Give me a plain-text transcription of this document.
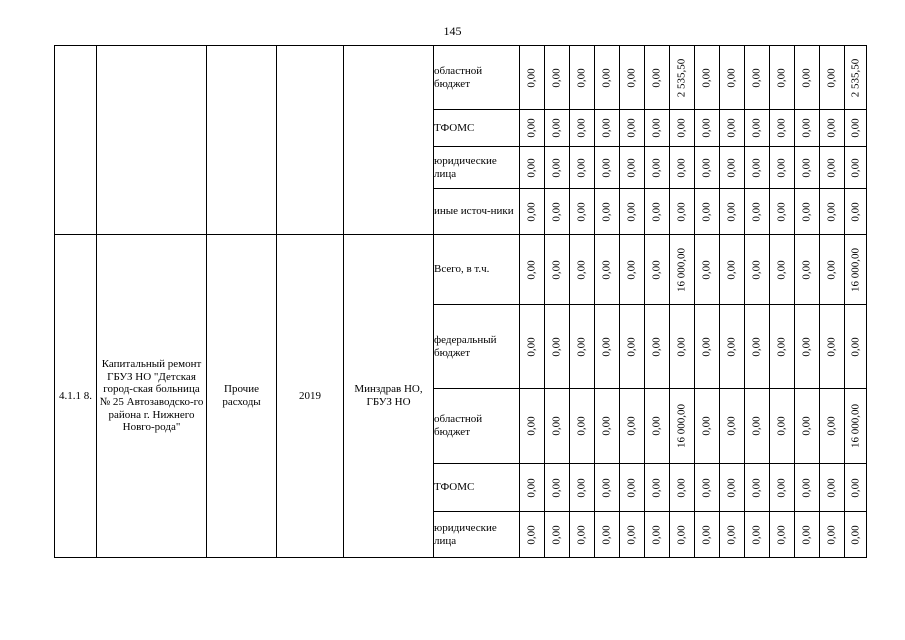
145
					областной бюджет	0,00	0,00	0,00	0,00	0,00	0,00	2 535,50	0,00	0,00	0,00	0,00	0,00	0,00	2 535,50

					ТФОМС	0,00	0,00	0,00	0,00	0,00	0,00	0,00	0,00	0,00	0,00	0,00	0,00	0,00	0,00

					юридические лица	0,00	0,00	0,00	0,00	0,00	0,00	0,00	0,00	0,00	0,00	0,00	0,00	0,00	0,00

					иные источ-ники	0,00	0,00	0,00	0,00	0,00	0,00	0,00	0,00	0,00	0,00	0,00	0,00	0,00	0,00

4.1.1 8.	Капитальный ремонт ГБУЗ НО "Детская город-ская больница № 25 Автозаводско-го района г. Нижнего Новго-рода"	Прочие расходы	2019	Минздрав НО, ГБУЗ НО	Всего, в т.ч.	0,00	0,00	0,00	0,00	0,00	0,00	16 000,00	0,00	0,00	0,00	0,00	0,00	0,00	16 000,00

					федеральный бюджет	0,00	0,00	0,00	0,00	0,00	0,00	0,00	0,00	0,00	0,00	0,00	0,00	0,00	0,00

					областной бюджет	0,00	0,00	0,00	0,00	0,00	0,00	16 000,00	0,00	0,00	0,00	0,00	0,00	0,00	16 000,00

					ТФОМС	0,00	0,00	0,00	0,00	0,00	0,00	0,00	0,00	0,00	0,00	0,00	0,00	0,00	0,00

					юридические лица	0,00	0,00	0,00	0,00	0,00	0,00	0,00	0,00	0,00	0,00	0,00	0,00	0,00	0,00
